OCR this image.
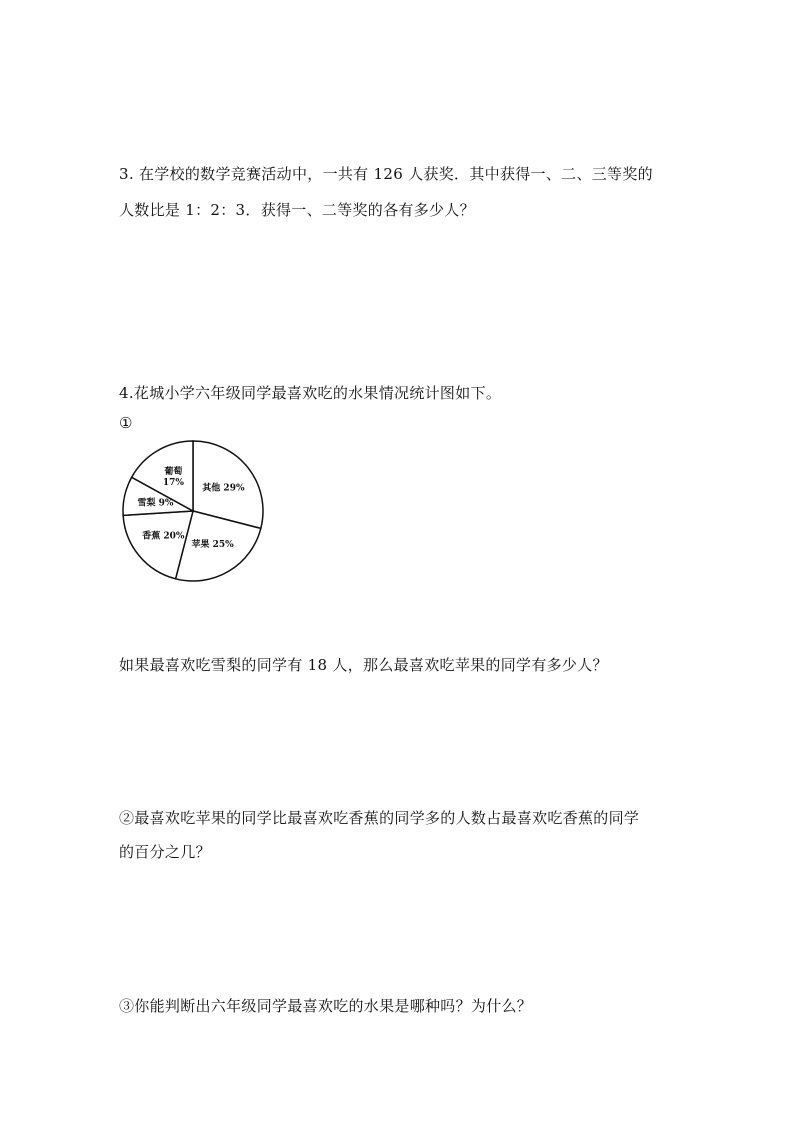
3. 在学校的数学竞赛活动中，一共有 126 人获奖．其中获得一、二、三等奖的
人数比是 1：2：3．获得一、二等奖的各有多少人？
4.花城小学六年级同学最喜欢吃的水果情况统计图如下。
①
其他 29%
苹果 25%
香蕉 20%
雪梨 9%
葡萄 17%
如果最喜欢吃雪梨的同学有 18 人，那么最喜欢吃苹果的同学有多少人？
②最喜欢吃苹果的同学比最喜欢吃香蕉的同学多的人数占最喜欢吃香蕉的同学
的百分之几？
③你能判断出六年级同学最喜欢吃的水果是哪种吗？为什么？
